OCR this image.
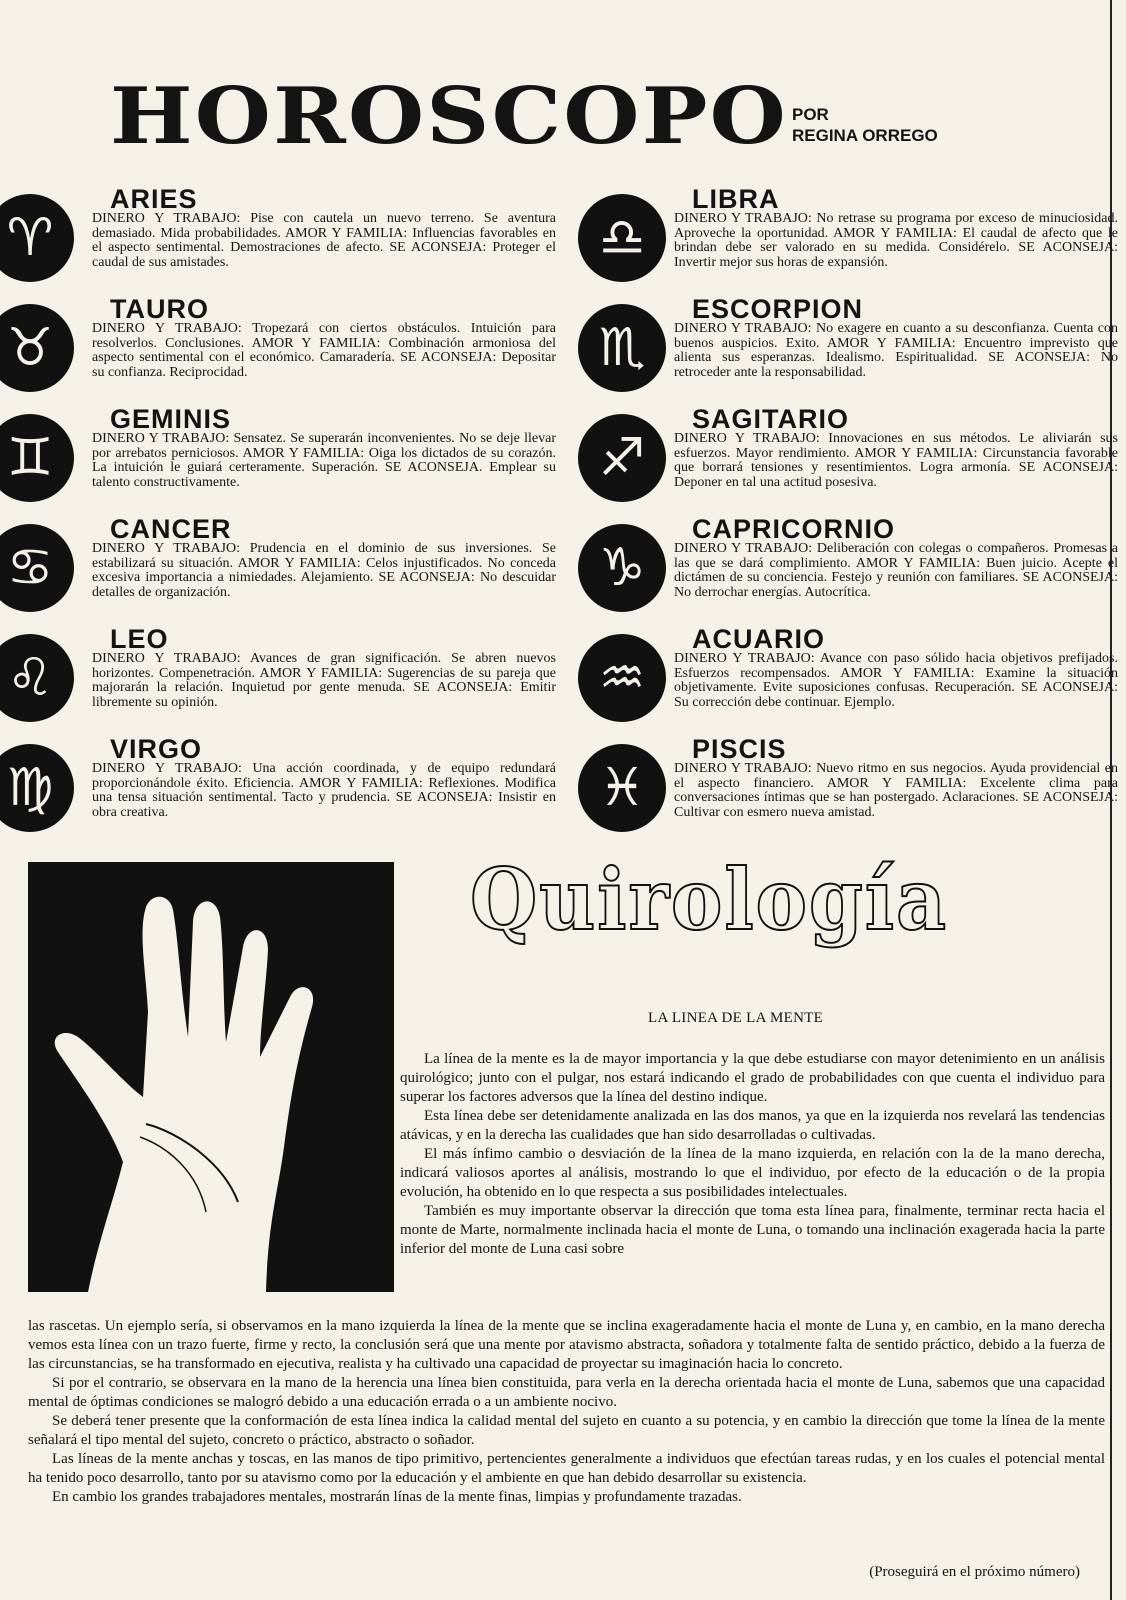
HOROSCOPO POR
REGINA ORREGO
♈
ARIES
DINERO Y TRABAJO: Pise con cautela un nuevo terreno. Se aventura demasiado. Mida probabilidades. AMOR Y FAMILIA: Influencias favorables en el aspecto sentimental. Demostraciones de afecto. SE ACONSEJA: Proteger el caudal de sus amistades.
♉
TAURO
DINERO Y TRABAJO: Tropezará con ciertos obstáculos. Intuición para resolverlos. Conclusiones. AMOR Y FAMILIA: Combinación armoniosa del aspecto sentimental con el económico. Camaradería. SE ACONSEJA: Depositar su confianza. Reciprocidad.
♊
GEMINIS
DINERO Y TRABAJO: Sensatez. Se superarán inconvenientes. No se deje llevar por arrebatos perniciosos. AMOR Y FAMILIA: Oiga los dictados de su corazón. La intuición le guiará certeramente. Superación. SE ACONSEJA. Emplear su talento constructivamente.
♋
CANCER
DINERO Y TRABAJO: Prudencia en el dominio de sus inversiones. Se estabilizará su situación. AMOR Y FAMILIA: Celos injustificados. No conceda excesiva importancia a nimiedades. Alejamiento. SE ACONSEJA: No descuidar detalles de organización.
♌
LEO
DINERO Y TRABAJO: Avances de gran significación. Se abren nuevos horizontes. Compenetración. AMOR Y FAMILIA: Sugerencias de su pareja que majorarán la relación. Inquietud por gente menuda. SE ACONSEJA: Emitir libremente su opinión.
♍
VIRGO
DINERO Y TRABAJO: Una acción coordinada, y de equipo redundará proporcionándole éxito. Eficiencia. AMOR Y FAMILIA: Reflexiones. Modifica una tensa situación sentimental. Tacto y prudencia. SE ACONSEJA: Insistir en obra creativa.
♎
LIBRA
DINERO Y TRABAJO: No retrase su programa por exceso de minuciosidad. Aproveche la oportunidad. AMOR Y FAMILIA: El caudal de afecto que le brindan debe ser valorado en su medida. Considérelo. SE ACONSEJA: Invertir mejor sus horas de expansión.
♏
ESCORPION
DINERO Y TRABAJO: No exagere en cuanto a su desconfianza. Cuenta con buenos auspicios. Exito. AMOR Y FAMILIA: Encuentro imprevisto que alienta sus esperanzas. Idealismo. Espiritualidad. SE ACONSEJA: No retroceder ante la responsabilidad.
♐
SAGITARIO
DINERO Y TRABAJO: Innovaciones en sus métodos. Le aliviarán sus esfuerzos. Mayor rendimiento. AMOR Y FAMILIA: Circunstancia favorable que borrará tensiones y resentimientos. Logra armonía. SE ACONSEJA: Deponer en tal una actitud posesiva.
♑
CAPRICORNIO
DINERO Y TRABAJO: Deliberación con colegas o compañeros. Promesas a las que se dará complimiento. AMOR Y FAMILIA: Buen juicio. Acepte el dictámen de su conciencia. Festejo y reunión con familiares. SE ACONSEJA: No derrochar energías. Autocrítica.
♒
ACUARIO
DINERO Y TRABAJO: Avance con paso sólido hacia objetivos prefijados. Esfuerzos recompensados. AMOR Y FAMILIA: Examine la situación objetivamente. Evite suposiciones confusas. Recuperación. SE ACONSEJA: Su corrección debe continuar. Ejemplo.
♓
PISCIS
DINERO Y TRABAJO: Nuevo ritmo en sus negocios. Ayuda providencial en el aspecto financiero. AMOR Y FAMILIA: Excelente clima para conversaciones íntimas que se han postergado. Aclaraciones. SE ACONSEJA: Cultivar con esmero nueva amistad.
Quirología
LA LINEA DE LA MENTE

La línea de la mente es la de mayor importancia y la que debe estudiarse con mayor detenimiento en un análisis quirológico; junto con el pulgar, nos estará indicando el grado de probabilidades con que cuenta el individuo para superar los factores adversos que la línea del destino indique.

Esta línea debe ser detenidamente analizada en las dos manos, ya que en la izquierda nos revelará las tendencias atávicas, y en la derecha las cualidades que han sido desarrolladas o cultivadas.

El más ínfimo cambio o desviación de la línea de la mano izquierda, en relación con la de la mano derecha, indicará valiosos aportes al análisis, mostrando lo que el individuo, por efecto de la educación o de la propia evolución, ha obtenido en lo que respecta a sus posibilidades intelectuales.

También es muy importante observar la dirección que toma esta línea para, finalmente, terminar recta hacia el monte de Marte, normalmente inclinada hacia el monte de Luna, o tomando una inclinación exagerada hacia la parte inferior del monte de Luna casi sobre

las rascetas. Un ejemplo sería, si observamos en la mano izquierda la línea de la mente que se inclina exageradamente hacia el monte de Luna y, en cambio, en la mano derecha vemos esta línea con un trazo fuerte, firme y recto, la conclusión será que una mente por atavismo abstracta, soñadora y totalmente falta de sentido práctico, debido a la fuerza de las circunstancias, se ha transformado en ejecutiva, realista y ha cultivado una capacidad de proyectar su imaginación hacia lo concreto.

Si por el contrario, se observara en la mano de la herencia una línea bien constituida, para verla en la derecha orientada hacia el monte de Luna, sabemos que una capacidad mental de óptimas condiciones se malogró debido a una educación errada o a un ambiente nocivo.

Se deberá tener presente que la conformación de esta línea indica la calidad mental del sujeto en cuanto a su potencia, y en cambio la dirección que tome la línea de la mente señalará el tipo mental del sujeto, concreto o práctico, abstracto o soñador.

Las líneas de la mente anchas y toscas, en las manos de tipo primitivo, pertencientes generalmente a individuos que efectúan tareas rudas, y en los cuales el potencial mental ha tenido poco desarrollo, tanto por su atavismo como por la educación y el ambiente en que han debido desarrollar su existencia.

En cambio los grandes trabajadores mentales, mostrarán línas de la mente finas, limpias y profundamente trazadas.

(Proseguirá en el próximo número)
